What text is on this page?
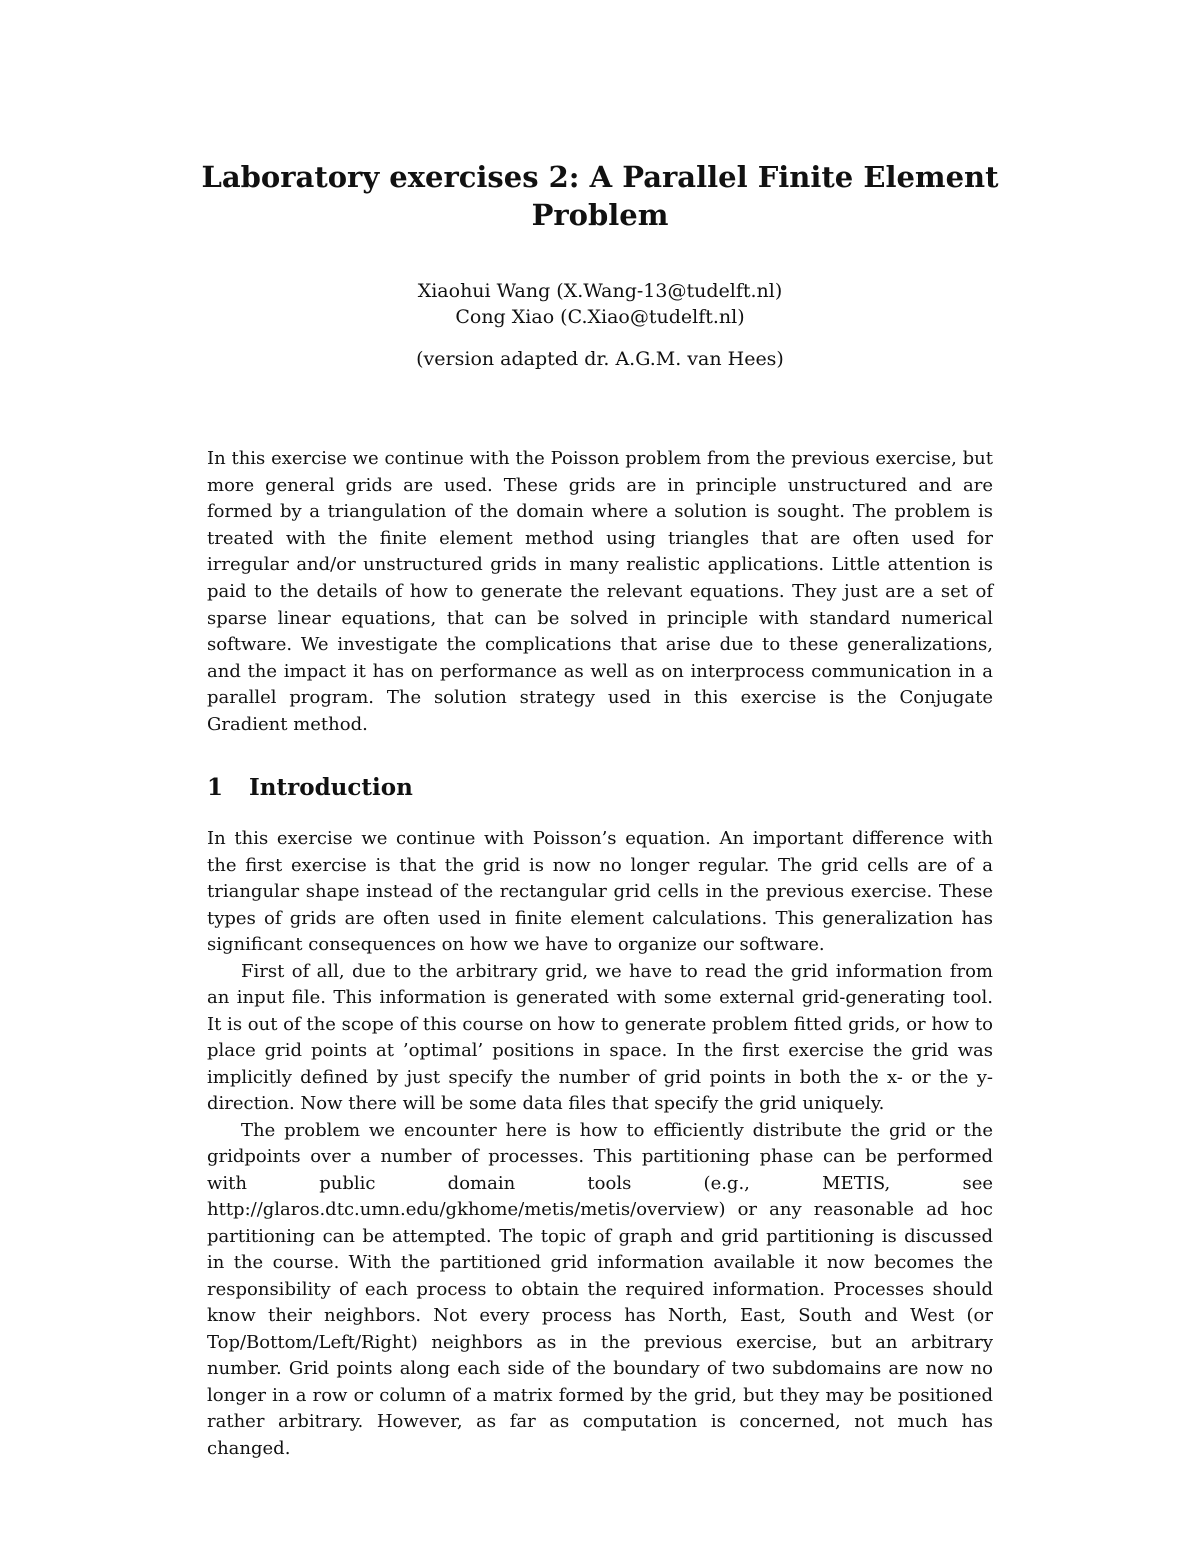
Laboratory exercises 2: A Parallel Finite Element Problem
Xiaohui Wang (X.Wang-13@tudelft.nl)
Cong Xiao (C.Xiao@tudelft.nl)
(version adapted dr. A.G.M. van Hees)

In this exercise we continue with the Poisson problem from the previous exercise, but more general grids are used. These grids are in principle unstructured and are formed by a triangulation of the domain where a solution is sought. The problem is treated with the finite element method using triangles that are often used for irregular and/or unstructured grids in many realistic applications. Little attention is paid to the details of how to generate the relevant equations. They just are a set of sparse linear equations, that can be solved in principle with standard numerical software. We investigate the complications that arise due to these generalizations, and the impact it has on performance as well as on interprocess communication in a parallel program. The solution strategy used in this exercise is the Conjugate Gradient method.

1 Introduction

In this exercise we continue with Poisson’s equation. An important difference with the first exercise is that the grid is now no longer regular. The grid cells are of a triangular shape instead of the rectangular grid cells in the previous exercise. These types of grids are often used in finite element calculations. This generalization has significant consequences on how we have to organize our software.

First of all, due to the arbitrary grid, we have to read the grid information from an input file. This information is generated with some external grid-generating tool. It is out of the scope of this course on how to generate problem fitted grids, or how to place grid points at ’optimal’ positions in space. In the first exercise the grid was implicitly defined by just specify the number of grid points in both the x- or the y-direction. Now there will be some data files that specify the grid uniquely.

The problem we encounter here is how to efficiently distribute the grid or the gridpoints over a number of processes. This partitioning phase can be performed with public domain tools (e.g., METIS, see http://glaros.dtc.umn.edu/gkhome/metis/metis/overview) or any reasonable ad hoc partitioning can be attempted. The topic of graph and grid partitioning is discussed in the course. With the partitioned grid information available it now becomes the responsibility of each process to obtain the required information. Processes should know their neighbors. Not every process has North, East, South and West (or Top/Bottom/Left/Right) neighbors as in the previous exercise, but an arbitrary number. Grid points along each side of the boundary of two subdomains are now no longer in a row or column of a matrix formed by the grid, but they may be positioned rather arbitrary. However, as far as computation is concerned, not much has changed.
